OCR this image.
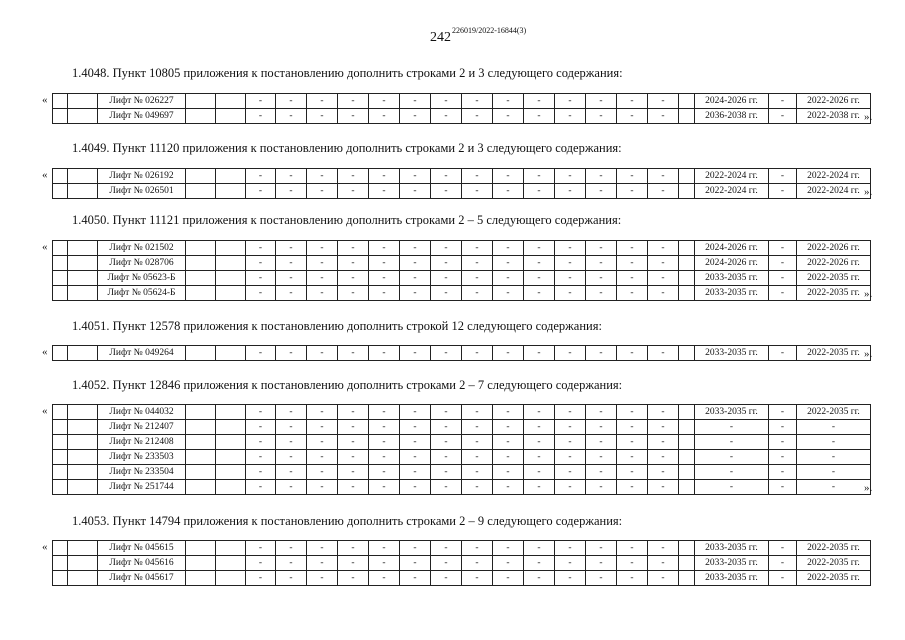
242 226019/2022-16844(3)
1.4048. Пункт 10805 приложения к постановлению дополнить строками 2 и 3 следующего содержания:
«
			Лифт № 026227			-	-	-	-	-	-	-	-	-	-	-	-	-	-		2024-2026 гг.	-	2022-2026 гг.
		Лифт № 049697			-	-	-	-	-	-	-	-	-	-	-	-	-	-		2036-2038 гг.	-	2022-2038 гг. ».
1.4049. Пункт 11120 приложения к постановлению дополнить строками 2 и 3 следующего содержания:
«
			Лифт № 026192			-	-	-	-	-	-	-	-	-	-	-	-	-	-		2022-2024 гг.	-	2022-2024 гг.
		Лифт № 026501			-	-	-	-	-	-	-	-	-	-	-	-	-	-		2022-2024 гг.	-	2022-2024 гг. ».
1.4050. Пункт 11121 приложения к постановлению дополнить строками 2 – 5 следующего содержания:
«
			Лифт № 021502			-	-	-	-	-	-	-	-	-	-	-	-	-	-		2024-2026 гг.	-	2022-2026 гг.
		Лифт № 028706			-	-	-	-	-	-	-	-	-	-	-	-	-	-		2024-2026 гг.	-	2022-2026 гг.
		Лифт № 05623-Б			-	-	-	-	-	-	-	-	-	-	-	-	-	-		2033-2035 гг.	-	2022-2035 гг.
		Лифт № 05624-Б			-	-	-	-	-	-	-	-	-	-	-	-	-	-		2033-2035 гг.	-	2022-2035 гг. ».
1.4051. Пункт 12578 приложения к постановлению дополнить строкой 12 следующего содержания:
«
			Лифт № 049264			-	-	-	-	-	-	-	-	-	-	-	-	-	-		2033-2035 гг.	-	2022-2035 гг. ».
1.4052. Пункт 12846 приложения к постановлению дополнить строками 2 – 7 следующего содержания:
«
			Лифт № 044032			-	-	-	-	-	-	-	-	-	-	-	-	-	-		2033-2035 гг.	-	2022-2035 гг.
		Лифт № 212407			-	-	-	-	-	-	-	-	-	-	-	-	-	-		-	-	-
		Лифт № 212408			-	-	-	-	-	-	-	-	-	-	-	-	-	-		-	-	-
		Лифт № 233503			-	-	-	-	-	-	-	-	-	-	-	-	-	-		-	-	-
		Лифт № 233504			-	-	-	-	-	-	-	-	-	-	-	-	-	-		-	-	-
		Лифт № 251744			-	-	-	-	-	-	-	-	-	-	-	-	-	-		-	-	-	».
1.4053. Пункт 14794 приложения к постановлению дополнить строками 2 – 9 следующего содержания:
«
			Лифт № 045615			-	-	-	-	-	-	-	-	-	-	-	-	-	-		2033-2035 гг.	-	2022-2035 гг.
		Лифт № 045616			-	-	-	-	-	-	-	-	-	-	-	-	-	-		2033-2035 гг.	-	2022-2035 гг.
		Лифт № 045617			-	-	-	-	-	-	-	-	-	-	-	-	-	-		2033-2035 гг.	-	2022-2035 гг.
